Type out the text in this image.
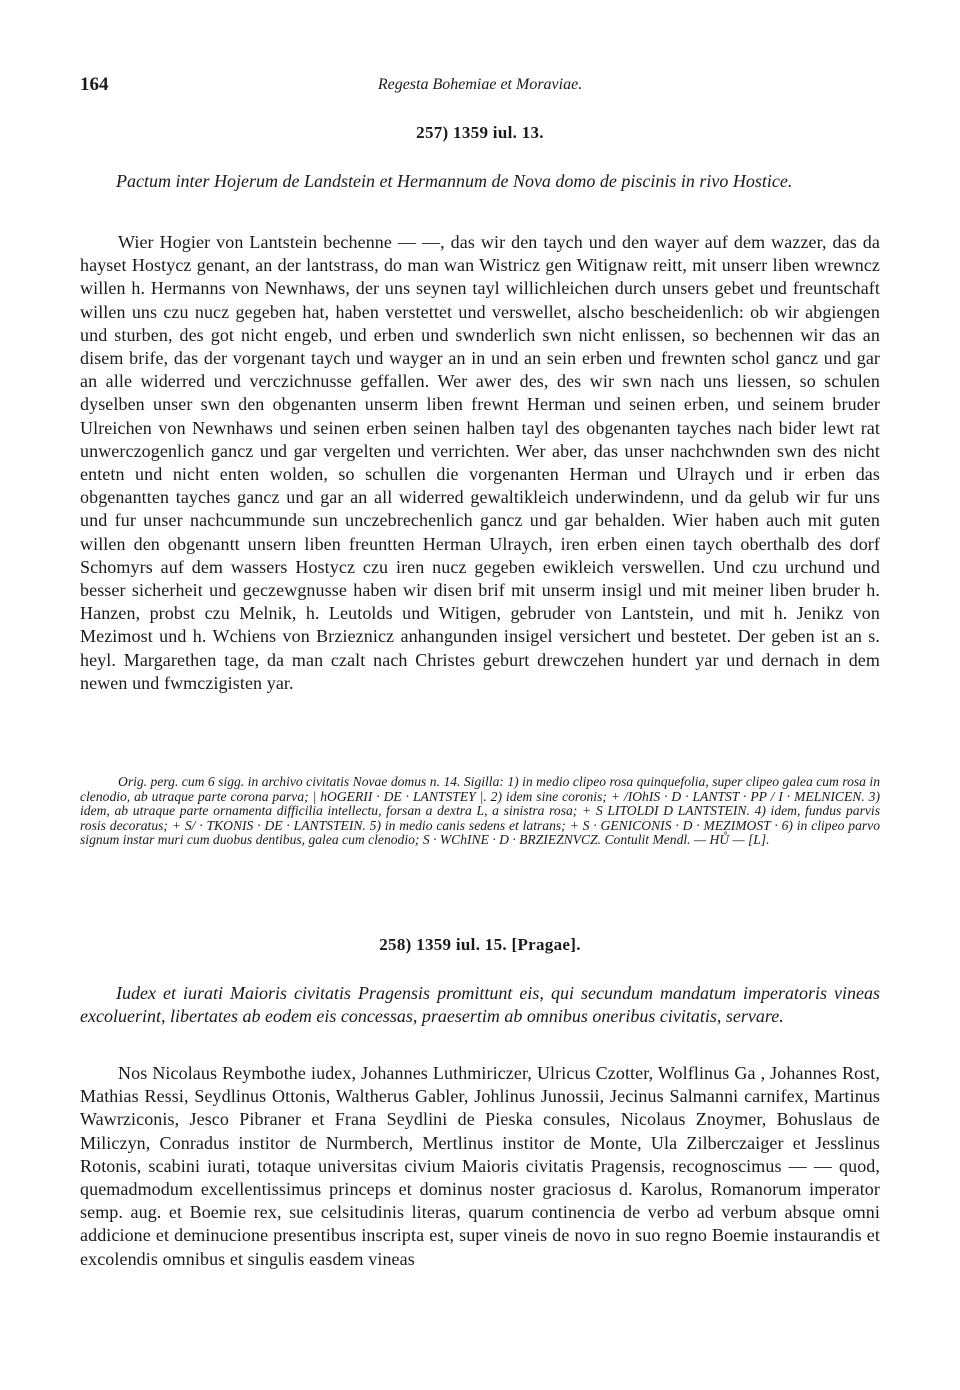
164	Regesta Bohemiae et Moraviae.
257) 1359 iul. 13.
Pactum inter Hojerum de Landstein et Hermannum de Nova domo de piscinis in rivo Hostice.
Wier Hogier von Lantstein bechenne — —, das wir den taych und den wayer auf dem wazzer, das da hayset Hostycz genant, an der lantstrass, do man wan Wistricz gen Witignaw reitt, mit unserr liben wrewncz willen h. Hermanns von Newnhaws, der uns seynen tayl willichleichen durch unsers gebet und freuntschaft willen uns czu nucz gegeben hat, haben verstettet und verswellet, alscho bescheidenlich: ob wir abgiengen und sturben, des got nicht engeb, und erben und swnderlich swn nicht enlissen, so bechennen wir das an disem brife, das der vorgenant taych und wayger an in und an sein erben und frewnten schol gancz und gar an alle widerred und verczichnusse geffallen. Wer awer des, des wir swn nach uns liessen, so schulen dyselben unser swn den obgenanten unserm liben frewnt Herman und seinen erben, und seinem bruder Ulreichen von Newnhaws und seinen erben seinen halben tayl des obgenanten tayches nach bider lewt rat unwerczogenlich gancz und gar vergelten und verrichten. Wer aber, das unser nachchwnden swn des nicht entetn und nicht enten wolden, so schullen die vorgenanten Herman und Ulraych und ir erben das obgenantten tayches gancz und gar an all widerred gewaltikleich underwindenn, und da gelub wir fur uns und fur unser nachcummunde sun unczebrechenlich gancz und gar behalden. Wier haben auch mit guten willen den obgenantt unsern liben freuntten Herman Ulraych, iren erben einen taych oberthalb des dorf Schomyrs auf dem wassers Hostycz czu iren nucz gegeben ewikleich verswellen. Und czu urchund und besser sicherheit und geczewgnusse haben wir disen brif mit unserm insigl und mit meiner liben bruder h. Hanzen, probst czu Melnik, h. Leutolds und Witigen, gebruder von Lantstein, und mit h. Jenikz von Mezimost und h. Wchiens von Brzieznicz anhangunden insigel versichert und bestetet. Der geben ist an s. heyl. Margarethen tage, da man czalt nach Christes geburt drewczehen hundert yar und dernach in dem newen und fwmczigisten yar.
Orig. perg. cum 6 sigg. in archivo civitatis Novae domus n. 14. Sigilla: 1) in medio clipeo rosa quinquefolia, super clipeo galea cum rosa in clenodio, ab utraque parte corona parva; | hOGERII · DE · LANTSTEY |. 2) idem sine coronis; + /IOhIS · D · LANTST · PP / I · MELNICEN. 3) idem, ab utraque parte ornamenta difficilia intellectu, forsan a dextra L, a sinistra rosa; + S LITOLDI D LANTSTEIN. 4) idem, fundus parvis rosis decoratus; + S/ · TKONIS · DE · LANTSTEIN. 5) in medio canis sedens et latrans; + S · GENICONIS · D · MEZIMOST · 6) in clipeo parvo signum instar muri cum duobus dentibus, galea cum clenodio; S · WChINE · D · BRZIEZNVCZ. Contulit Mendl. — HŮ — [L].
258) 1359 iul. 15. [Pragae].
Iudex et iurati Maioris civitatis Pragensis promittunt eis, qui secundum mandatum imperatoris vineas excoluerint, libertates ab eodem eis concessas, praesertim ab omnibus oneribus civitatis, servare.
Nos Nicolaus Reymbothe iudex, Johannes Luthmiriczer, Ulricus Czotter, Wolflinus Ga , Johannes Rost, Mathias Ressi, Seydlinus Ottonis, Waltherus Gabler, Johlinus Junossii, Jecinus Salmanni carnifex, Martinus Wawrziconis, Jesco Pibraner et Frana Seydlini de Pieska consules, Nicolaus Znoymer, Bohuslaus de Miliczyn, Conradus institor de Nurmberch, Mertlinus institor de Monte, Ula Zilberczaiger et Jesslinus Rotonis, scabini iurati, totaque universitas civium Maioris civitatis Pragensis, recognoscimus — — quod, quemadmodum excellentissimus princeps et dominus noster graciosus d. Karolus, Romanorum imperator semp. aug. et Boemie rex, sue celsitudinis literas, quarum continencia de verbo ad verbum absque omni addicione et deminucione presentibus inscripta est, super vineis de novo in suo regno Boemie instaurandis et excolendis omnibus et singulis easdem vineas
